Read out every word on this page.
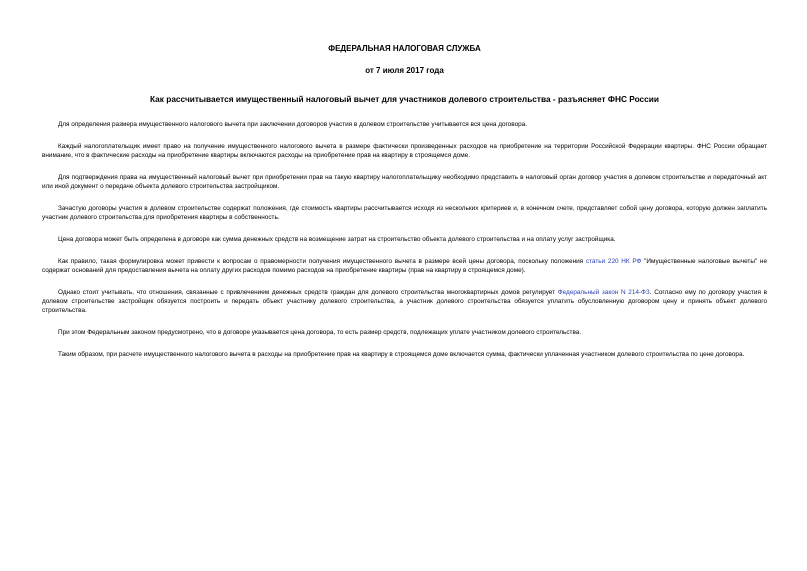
ФЕДЕРАЛЬНАЯ НАЛОГОВАЯ СЛУЖБА

от 7 июля 2017 года

Как рассчитывается имущественный налоговый вычет для участников долевого строительства - разъясняет ФНС России

Для определения размера имущественного налогового вычета при заключении договоров участия в долевом строительстве учитывается вся цена договора.

Каждый налогоплательщик имеет право на получение имущественного налогового вычета в размере фактически произведенных расходов на приобретение на территории Российской Федерации квартиры. ФНС России обращает внимание, что в фактические расходы на приобретение квартиры включаются расходы на приобретение прав на квартиру в строящемся доме.

Для подтверждения права на имущественный налоговый вычет при приобретении прав на такую квартиру налогоплательщику необходимо представить в налоговый орган договор участия в долевом строительстве и передаточный акт или иной документ о передаче объекта долевого строительства застройщиком.

Зачастую договоры участия в долевом строительстве содержат положения, где стоимость квартиры рассчитывается исходя из нескольких критериев и, в конечном счете, представляет собой цену договора, которую должен заплатить участник долевого строительства для приобретения квартиры в собственность.

Цена договора может быть определена в договоре как сумма денежных средств на возмещение затрат на строительство объекта долевого строительства и на оплату услуг застройщика.

Как правило, такая формулировка может привести к вопросам о правомерности получения имущественного вычета в размере всей цены договора, поскольку положения статьи 220 НК РФ "Имущественные налоговые вычеты" не содержат оснований для предоставления вычета на оплату других расходов помимо расходов на приобретение квартиры (прав на квартиру в строящемся доме).

Однако стоит учитывать, что отношения, связанные с привлечением денежных средств граждан для долевого строительства многоквартирных домов регулирует Федеральный закон N 214-ФЗ. Согласно ему по договору участия в долевом строительстве застройщик обязуется построить и передать объект участнику долевого строительства, а участник долевого строительства обязуется уплатить обусловленную договором цену и принять объект долевого строительства.

При этом Федеральным законом предусмотрено, что в договоре указывается цена договора, то есть размер средств, подлежащих уплате участником долевого строительства.

Таким образом, при расчете имущественного налогового вычета в расходы на приобретение прав на квартиру в строящемся доме включается сумма, фактически уплаченная участником долевого строительства по цене договора.
